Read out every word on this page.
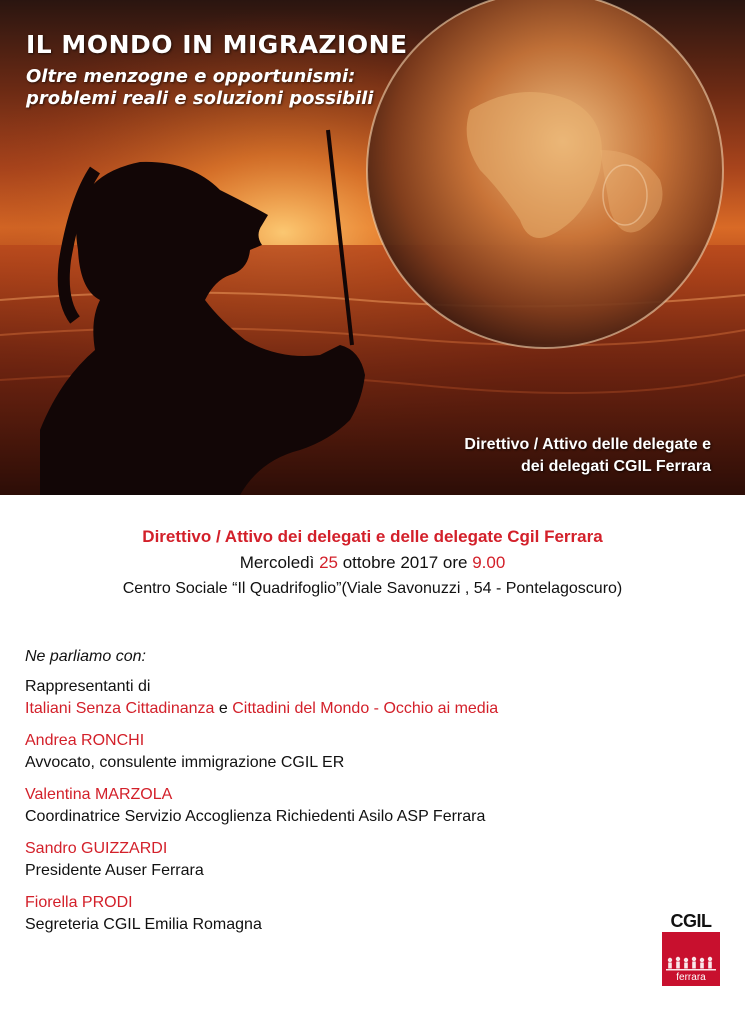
IL MONDO IN MIGRAZIONE
Oltre menzogne e opportunismi:
problemi reali e soluzioni possibili
Direttivo / Attivo delle delegate e
dei delegati CGIL Ferrara
Direttivo / Attivo dei delegati e delle delegate Cgil Ferrara
Mercoledì 25 ottobre 2017 ore 9.00
Centro Sociale “Il Quadrifoglio”(Viale Savonuzzi , 54 - Pontelagoscuro)
Ne parliamo con:
Rappresentanti di
Italiani Senza Cittadinanza e Cittadini del Mondo - Occhio ai media
Andrea RONCHI
Avvocato, consulente immigrazione CGIL ER
Valentina MARZOLA
Coordinatrice Servizio Accoglienza Richiedenti Asilo ASP Ferrara
Sandro GUIZZARDI
Presidente Auser Ferrara
Fiorella PRODI
Segreteria CGIL Emilia Romagna	CGIL
ferrara
